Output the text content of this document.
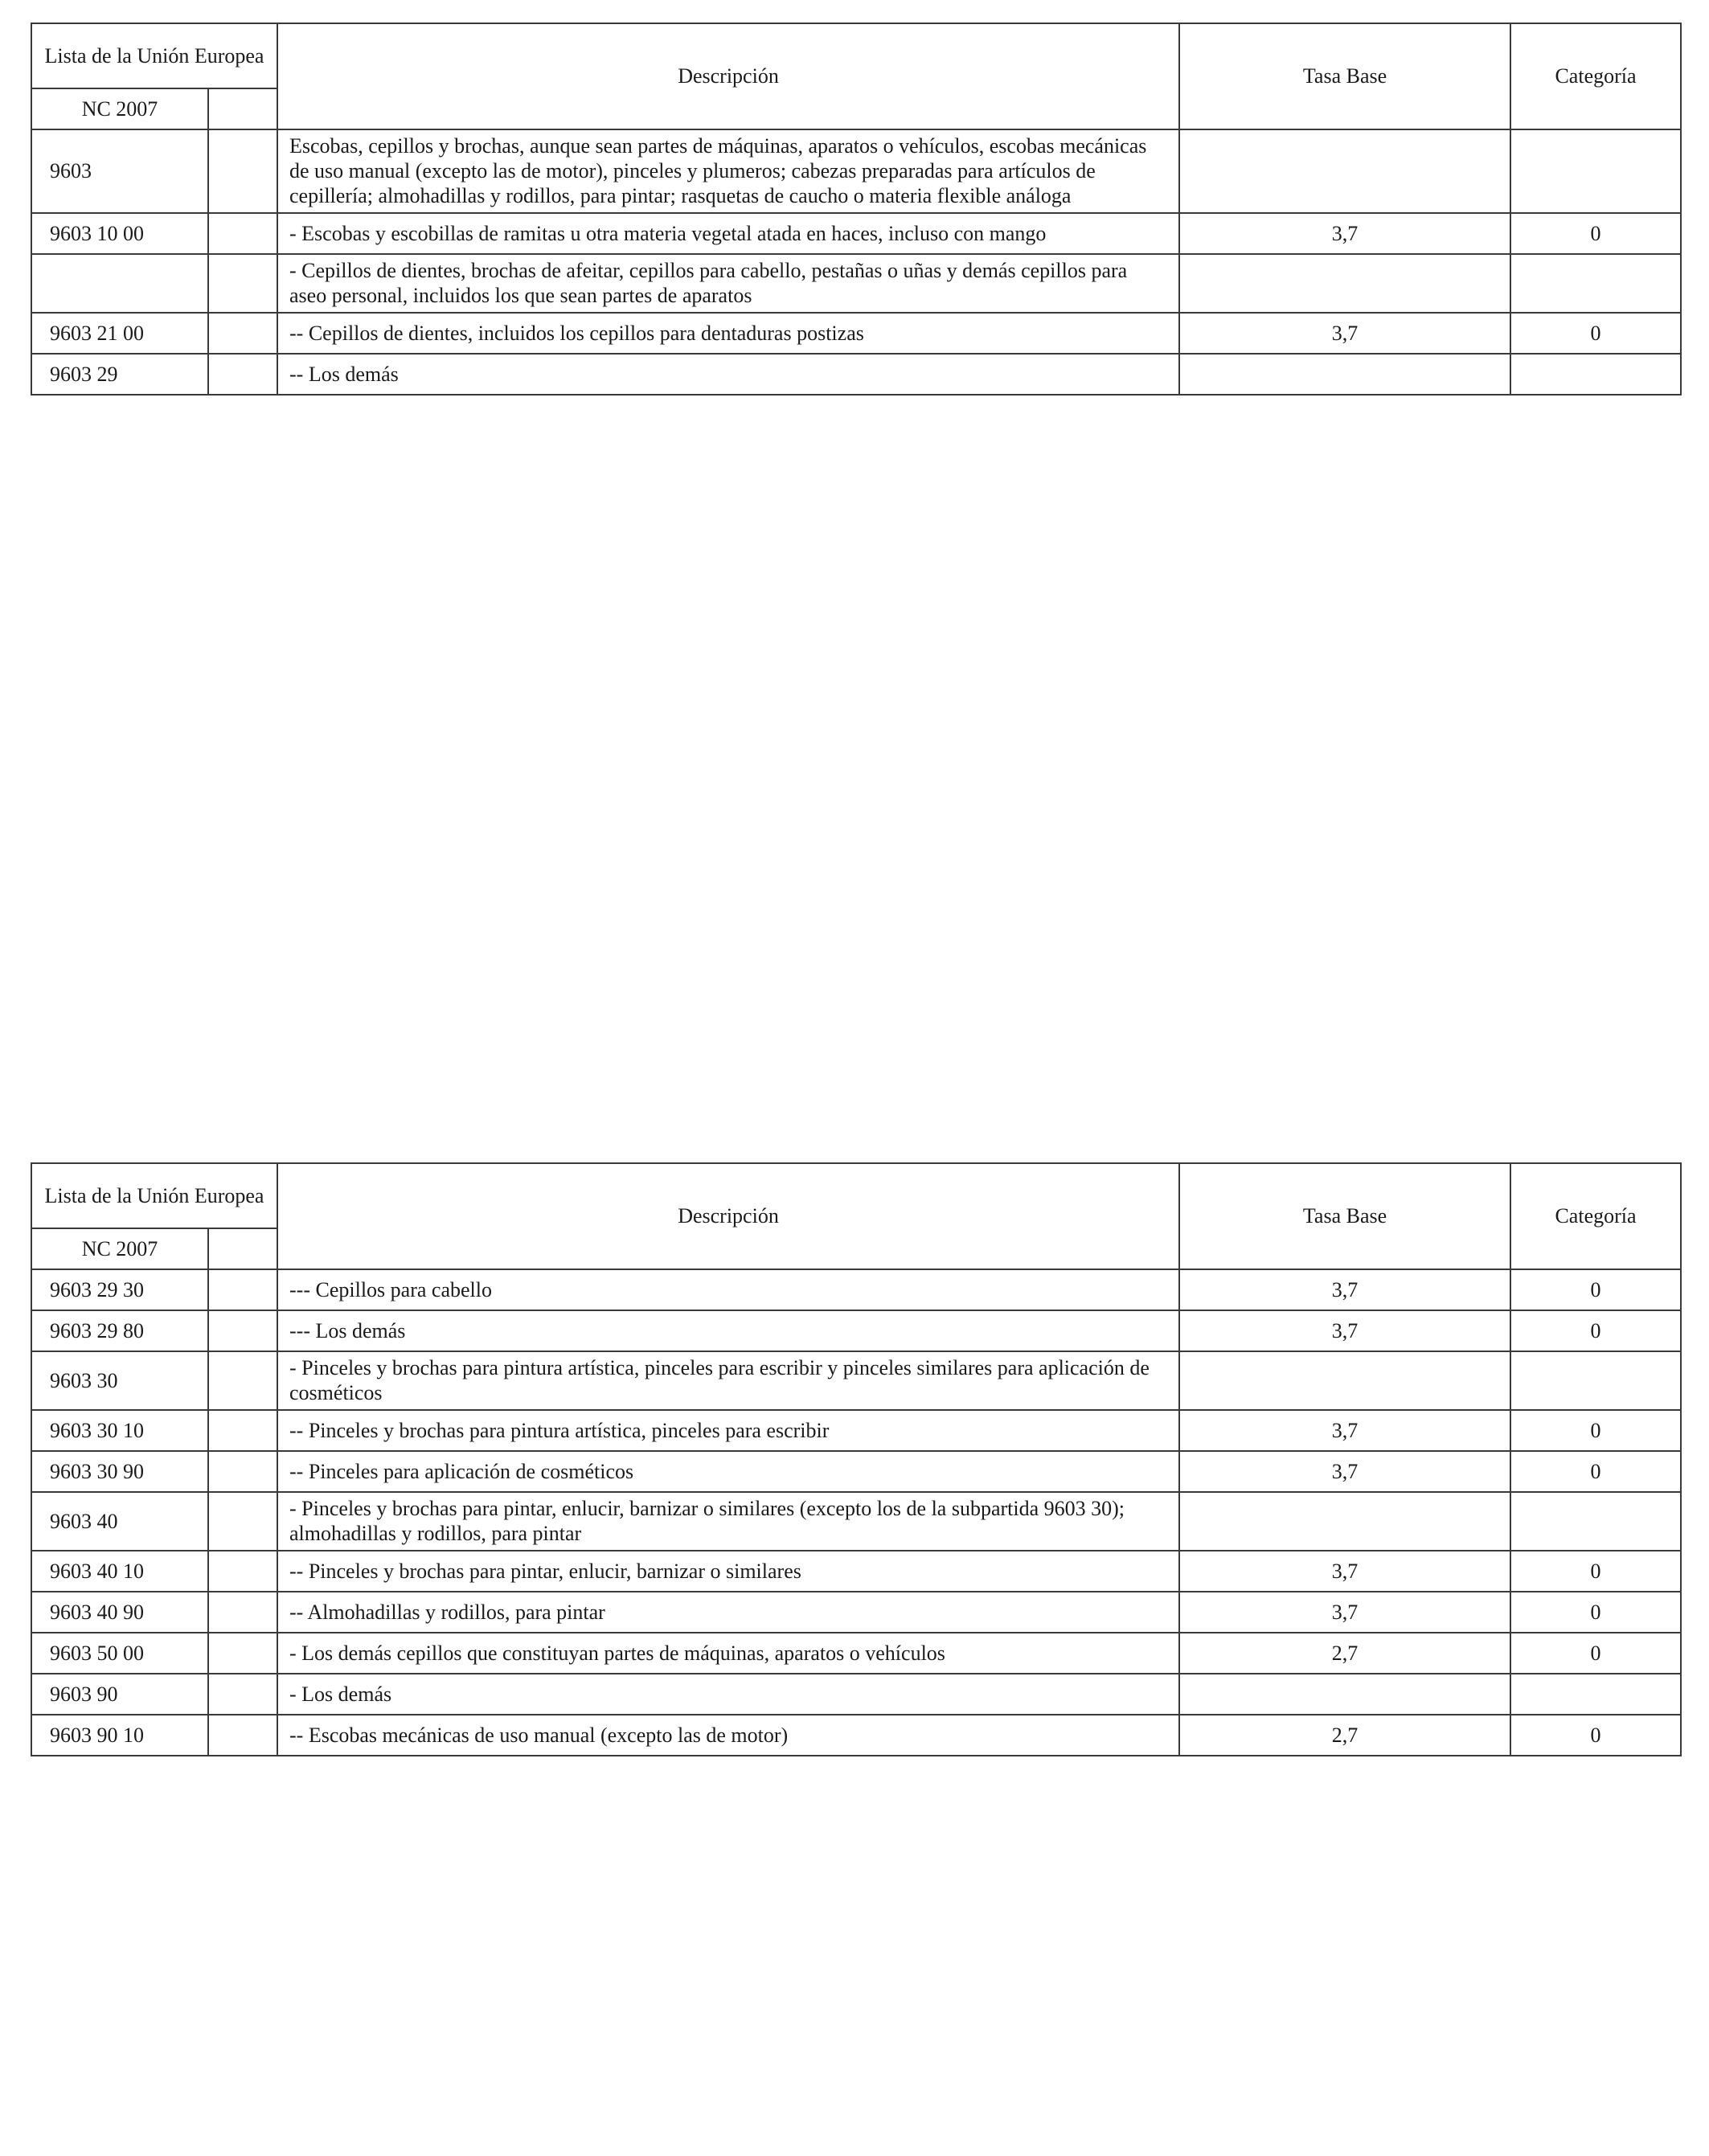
Lista de la Unión Europea		Descripción	Tasa Base	Categoría
NC 2007				
9603		Escobas, cepillos y brochas, aunque sean partes de máquinas, aparatos o vehículos, escobas mecánicas de uso manual (excepto las de motor), pinceles y plumeros; cabezas preparadas para artículos de cepillería; almohadillas y rodillos, para pintar; rasquetas de caucho o materia flexible análoga		
9603 10 00		- Escobas y escobillas de ramitas u otra materia vegetal atada en haces, incluso con mango	3,7	0
		- Cepillos de dientes, brochas de afeitar, cepillos para cabello, pestañas o uñas y demás cepillos para aseo personal, incluidos los que sean partes de aparatos		
9603 21 00		-- Cepillos de dientes, incluidos los cepillos para dentaduras postizas	3,7	0
9603 29		-- Los demás		
Lista de la Unión Europea		Descripción	Tasa Base	Categoría
NC 2007				
9603 29 30		--- Cepillos para cabello	3,7	0
9603 29 80		--- Los demás	3,7	0
9603 30		- Pinceles y brochas para pintura artística, pinceles para escribir y pinceles similares para aplicación de cosméticos		
9603 30 10		-- Pinceles y brochas para pintura artística, pinceles para escribir	3,7	0
9603 30 90		-- Pinceles para aplicación de cosméticos	3,7	0
9603 40		- Pinceles y brochas para pintar, enlucir, barnizar o similares (excepto los de la subpartida 9603 30); almohadillas y rodillos, para pintar		
9603 40 10		-- Pinceles y brochas para pintar, enlucir, barnizar o similares	3,7	0
9603 40 90		-- Almohadillas y rodillos, para pintar	3,7	0
9603 50 00		- Los demás cepillos que constituyan partes de máquinas, aparatos o vehículos	2,7	0
9603 90		- Los demás		
9603 90 10		-- Escobas mecánicas de uso manual (excepto las de motor)	2,7	0
